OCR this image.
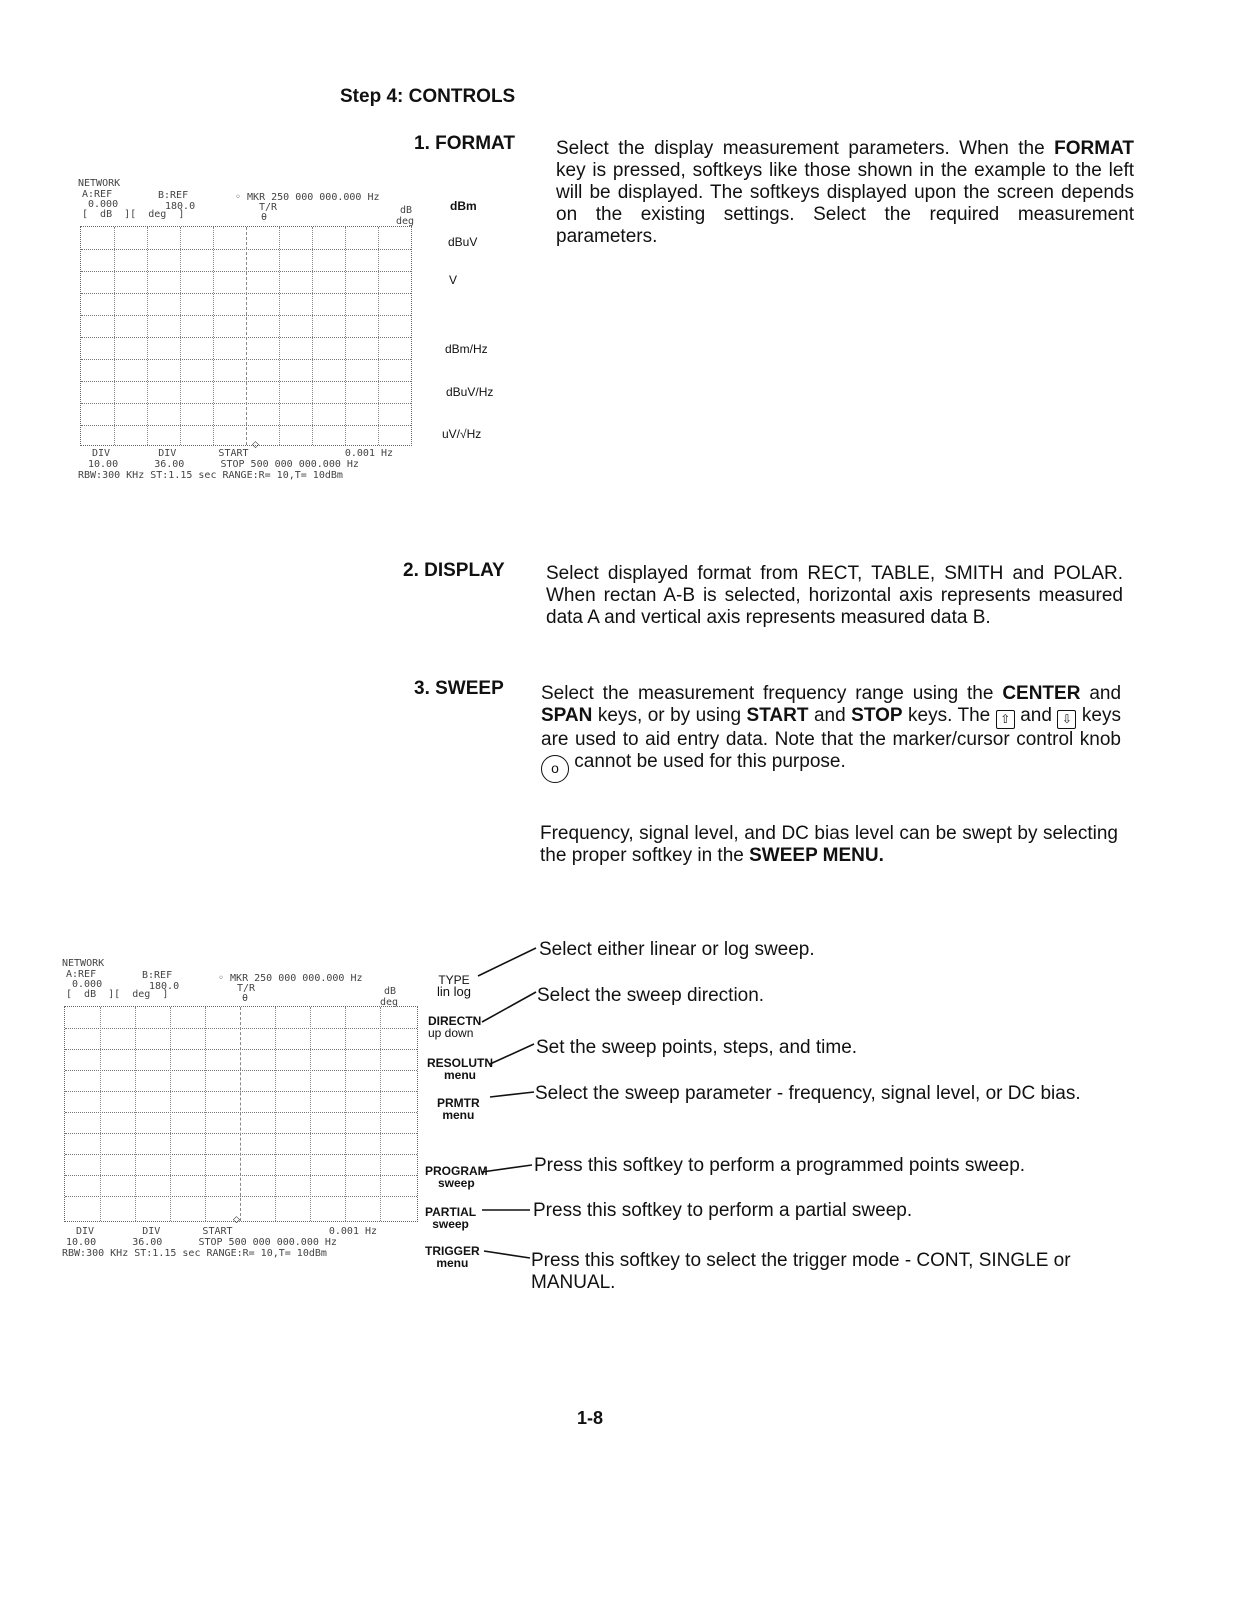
Step 4: CONTROLS
1. FORMAT Select the display measurement parameters. When the FORMAT key is pressed, softkeys like those shown in the example to the left will be displayed. The softkeys displayed upon the screen depends on the existing settings. Select the required measurement parameters.
NETWORK
A:REF	B:REF	◦ MKR 250 000 000.000 Hz
0.000	180.0	T/R
[  dB  ][  deg  ]	θ
dB
deg
◇
DIV        DIV       START                0.001 Hz
10.00      36.00      STOP 500 000 000.000 Hz
RBW:300 KHz ST:1.15 sec RANGE:R= 10,T= 10dBm
dBm
dBuV
V
dBm/Hz
dBuV/Hz
uV/√Hz
2. DISPLAY Select displayed format from RECT, TABLE, SMITH and POLAR. When rectan A-B is selected, horizontal axis represents measured data A and vertical axis represents measured data B.
3. SWEEP Select the measurement frequency range using the CENTER and SPAN keys, or by using START and STOP keys. The ⇧ and ⇩ keys are used to aid entry data. Note that the marker/cursor control knob o cannot be used for this purpose.
Frequency, signal level, and DC bias level can be swept by selecting the proper softkey in the SWEEP MENU.
NETWORK
A:REF	B:REF	◦ MKR 250 000 000.000 Hz
0.000	180.0	T/R
[  dB  ][  deg  ]	θ
dB
deg
◇
DIV        DIV       START                0.001 Hz
10.00      36.00      STOP 500 000 000.000 Hz
RBW:300 KHz ST:1.15 sec RANGE:R= 10,T= 10dBm
TYPE
lin log
DIRECTN
up down
RESOLUTN
menu
PRMTR
menu
PROGRAM
sweep
PARTIAL
sweep
TRIGGER
menu
Select either linear or log sweep.
Select the sweep direction.
Set the sweep points, steps, and time.
Select the sweep parameter - frequency, signal level, or DC bias.
Press this softkey to perform a programmed points sweep.
Press this softkey to perform a partial sweep.
Press this softkey to select the trigger mode - CONT, SINGLE or MANUAL.
1-8
